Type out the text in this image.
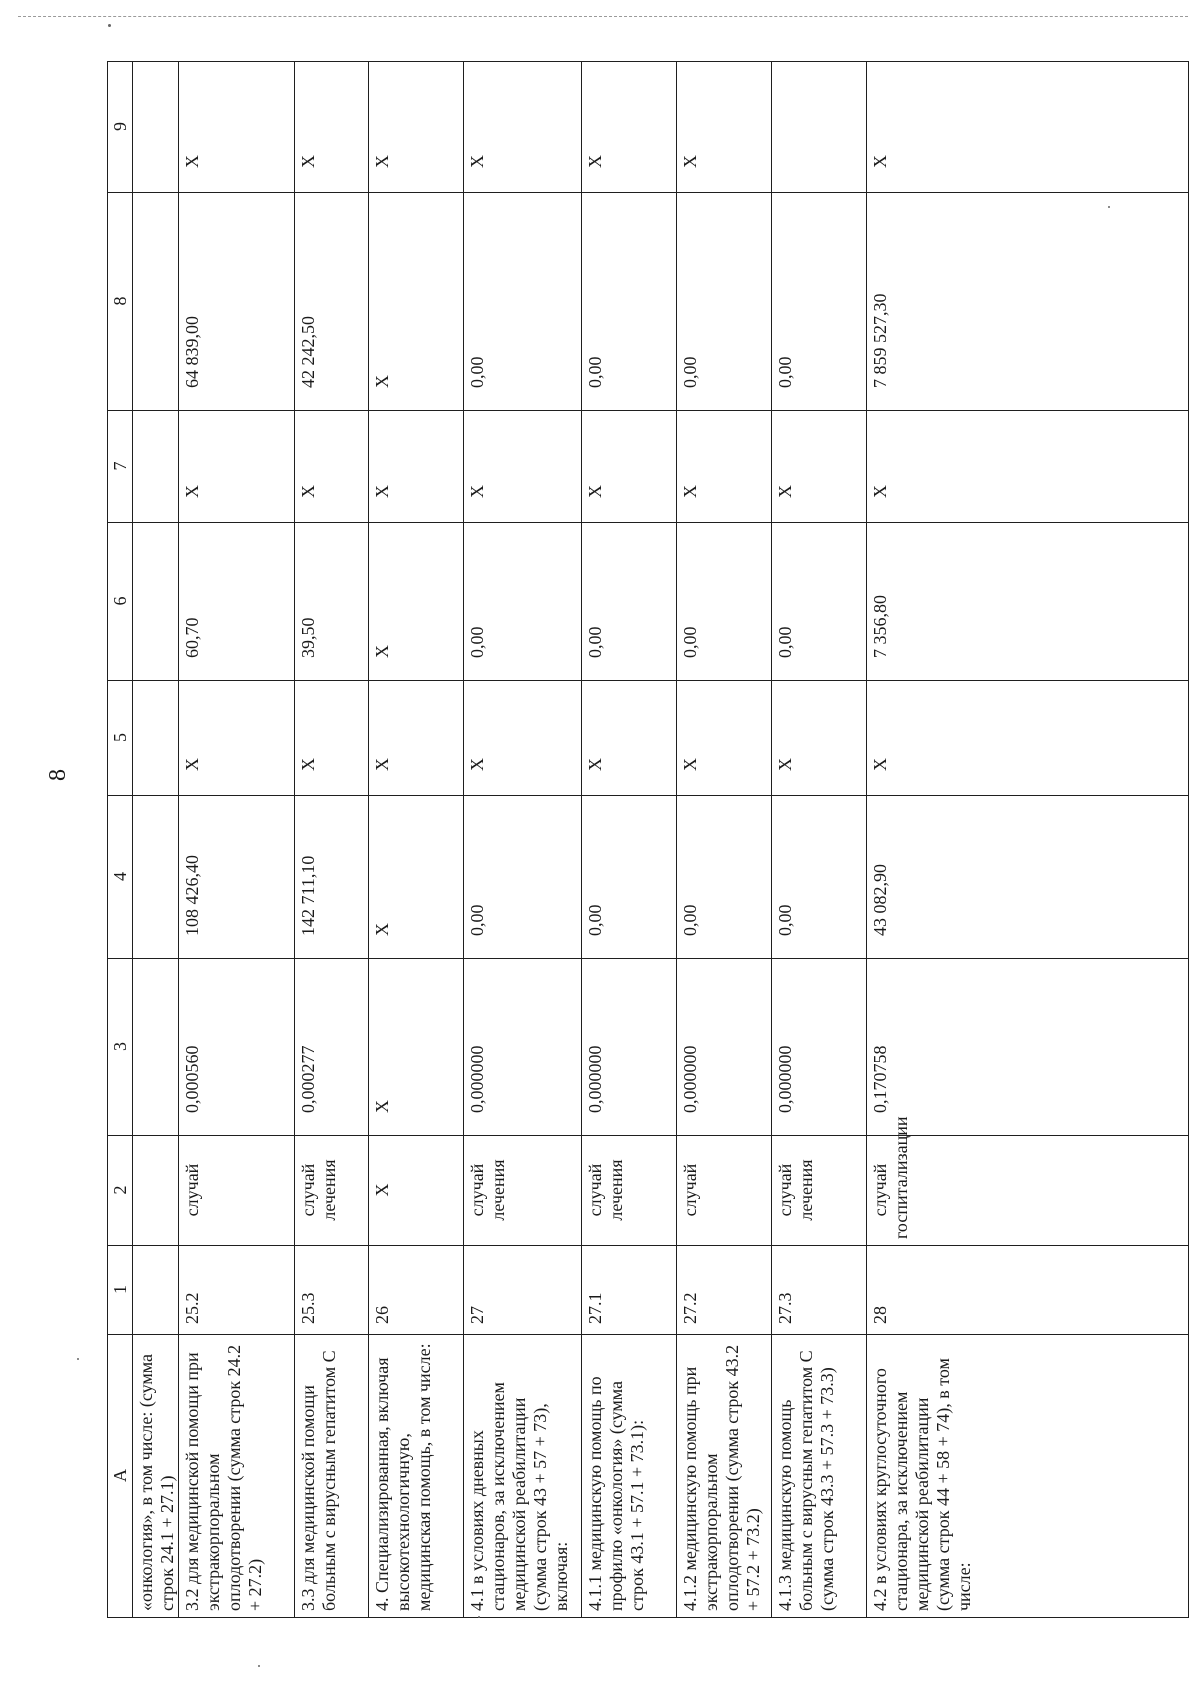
8
А	1	2	3	4	5	6	7	8	9
«онкология», в том числе: (сумма строк 24.1 + 27.1)									
3.2 для медицинской помощи при экстракорпоральном оплодотворении (сумма строк 24.2 + 27.2)	25.2	случай	0,000560	108 426,40	Х	60,70	Х	64 839,00	Х
3.3 для медицинской помощи больным с вирусным гепатитом С	25.3	случай лечения	0,000277	142 711,10	Х	39,50	Х	42 242,50	Х
4. Специализированная, включая высокотехнологичную, медицинская помощь, в том числе:	26	Х	Х	Х	Х	Х	Х	Х	Х
4.1 в условиях дневных стационаров, за исключением медицинской реабилитации (сумма строк 43 + 57 + 73), включая:	27	случай лечения	0,000000	0,00	Х	0,00	Х	0,00	Х
4.1.1 медицинскую помощь по профилю «онкология» (сумма строк 43.1 + 57.1 + 73.1):	27.1	случай лечения	0,000000	0,00	Х	0,00	Х	0,00	Х
4.1.2 медицинскую помощь при экстракорпоральном оплодотворении (сумма строк 43.2 + 57.2 + 73.2)	27.2	случай	0,000000	0,00	Х	0,00	Х	0,00	Х
4.1.3 медицинскую помощь больным с вирусным гепатитом С (сумма строк 43.3 + 57.3 + 73.3)	27.3	случай лечения	0,000000	0,00	Х	0,00	Х	0,00	
4.2 в условиях круглосуточного стационара, за исключением медицинской реабилитации (сумма строк 44 + 58 + 74), в том числе:	28	случай госпитализации	0,170758	43 082,90	Х	7 356,80	Х	7 859 527,30	Х
